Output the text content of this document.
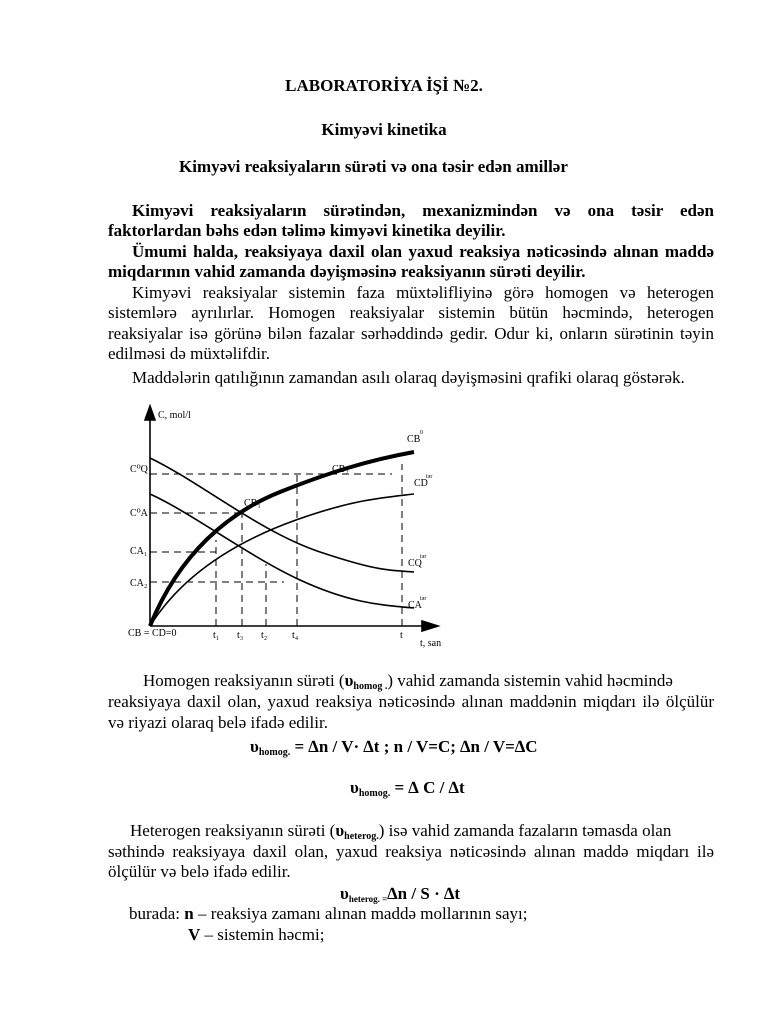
LABORATORİYA İŞİ №2.
Kimyəvi kinetika
Kimyəvi reaksiyaların sürəti və ona təsir edən amillər
Kimyəvi reaksiyaların sürətindən, mexanizmindən və ona təsir edən
faktorlardan bəhs edən təlimə kimyəvi kinetika deyilir.
Ümumi halda, reaksiyaya daxil olan yaxud reaksiya nəticəsində alınan maddə
miqdarının vahid zamanda dəyişməsinə reaksiyanın sürəti deyilir.
Kimyəvi reaksiyalar sistemin faza müxtəlifliyinə görə homogen və heterogen
sistemlərə ayrılırlar. Homogen reaksiyalar sistemin bütün həcmində, heterogen
reaksiyalar isə görünə bilən fazalar sərhəddində gedir. Odur ki, onların sürətinin təyin
edilməsi də müxtəlifdir.
Maddələrin qatılığının zamandan asılı olaraq dəyişməsini qrafiki olaraq göstərək.
C, mol/l
t, san
CB = CD=0
C⁰Q
C⁰A
CA₁
CA₂
t₁ t₃ t₂ t₄	t
CB
0
CB₂
CB₁
CD
tər
CQ
tər
CA
tər
Homogen reaksiyanın sürəti $(\upsilon_{homog .})$ vahid zamanda sistemin vahid həcmində
reaksiyaya daxil olan, yaxud reaksiya nəticəsində alınan maddənin miqdarı ilə ölçülür
və riyazi olaraq belə ifadə edilir.
$\upsilon_{homog.} = \Delta n / V\cdot \Delta t$ ; n / V=C; ∆n / V=∆C
$\upsilon_{homog.}$ = ∆ C / ∆t
Heterogen reaksiyanın sürəti $(\upsilon_{heterog.})$ isə vahid zamanda fazaların təmasda olan
səthində reaksiyaya daxil olan, yaxud reaksiya nəticəsində alınan maddə miqdarı ilə
ölçülür və belə ifadə edilir.
υheterog. =∆n / S · ∆t
burada: n – reaksiya zamanı alınan maddə mollarının sayı;
V – sistemin həcmi;
